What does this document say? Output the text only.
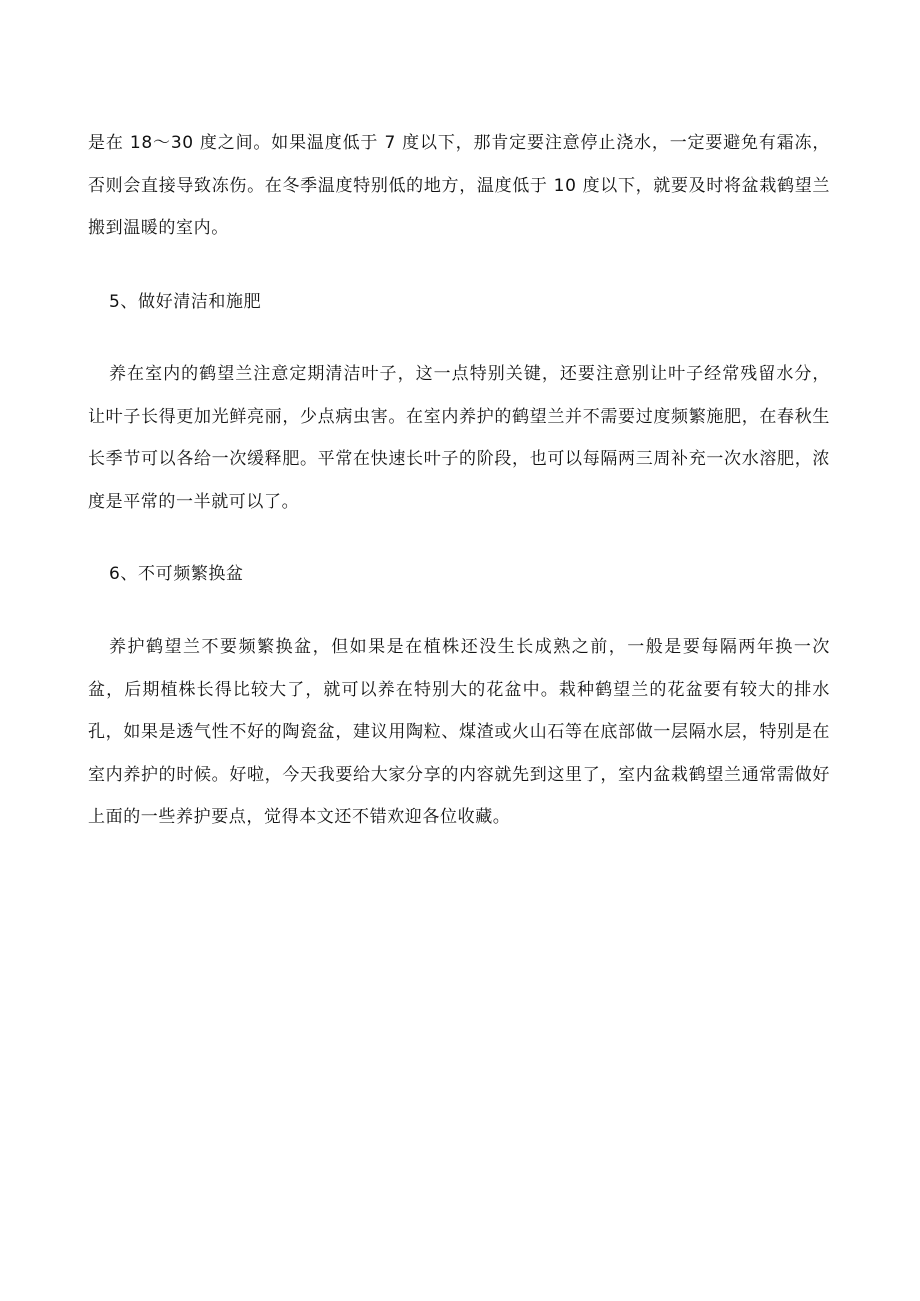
是在 18～30 度之间。如果温度低于 7 度以下，那肯定要注意停止浇水，一定要避免有霜冻，否则会直接导致冻伤。在冬季温度特别低的地方，温度低于 10 度以下，就要及时将盆栽鹤望兰搬到温暖的室内。

5、做好清洁和施肥

养在室内的鹤望兰注意定期清洁叶子，这一点特别关键，还要注意别让叶子经常残留水分，让叶子长得更加光鲜亮丽，少点病虫害。在室内养护的鹤望兰并不需要过度频繁施肥，在春秋生长季节可以各给一次缓释肥。平常在快速长叶子的阶段，也可以每隔两三周补充一次水溶肥，浓度是平常的一半就可以了。

6、不可频繁换盆

养护鹤望兰不要频繁换盆，但如果是在植株还没生长成熟之前，一般是要每隔两年换一次盆，后期植株长得比较大了，就可以养在特别大的花盆中。栽种鹤望兰的花盆要有较大的排水孔，如果是透气性不好的陶瓷盆，建议用陶粒、煤渣或火山石等在底部做一层隔水层，特别是在室内养护的时候。好啦，今天我要给大家分享的内容就先到这里了，室内盆栽鹤望兰通常需做好上面的一些养护要点，觉得本文还不错欢迎各位收藏。
